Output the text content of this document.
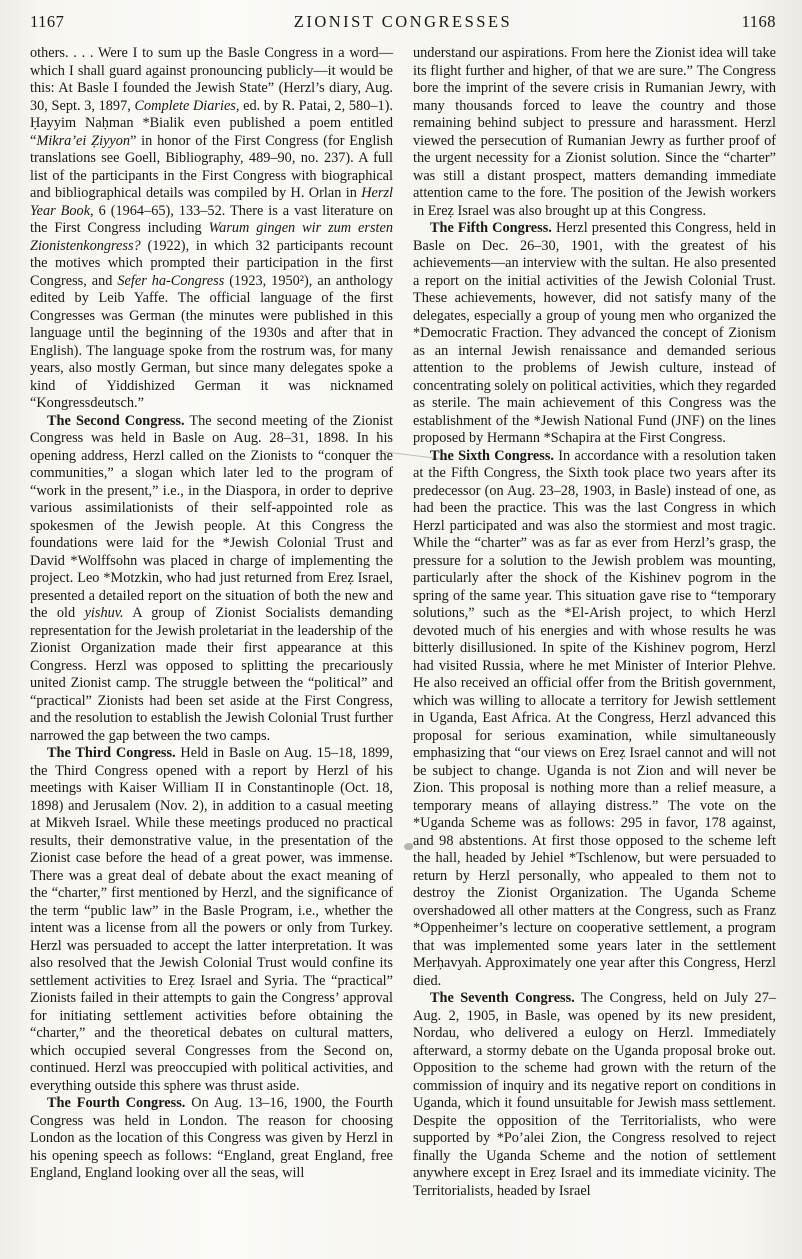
1167	ZIONIST CONGRESSES	1168

others. . . . Were I to sum up the Basle Congress in a word—which I shall guard against pronouncing publicly—it would be this: At Basle I founded the Jewish State” (Herzl’s diary, Aug. 30, Sept. 3, 1897, Complete Diaries, ed. by R. Patai, 2, 580–1). Ḥayyim Naḥman *Bialik even published a poem entitled “Mikra’ei Ẓiyyon” in honor of the First Congress (for English translations see Goell, Bibliography, 489–90, no. 237). A full list of the participants in the First Congress with biographical and bibliographical details was compiled by H. Orlan in Herzl Year Book, 6 (1964–65), 133–52. There is a vast literature on the First Congress including Warum gingen wir zum ersten Zionistenkongress? (1922), in which 32 participants recount the motives which prompted their participation in the first Congress, and Sefer ha-Congress (1923, 1950²), an anthology edited by Leib Yaffe. The official language of the first Congresses was German (the minutes were published in this language until the beginning of the 1930s and after that in English). The language spoke from the rostrum was, for many years, also mostly German, but since many delegates spoke a kind of Yiddishized German it was nicknamed “Kongressdeutsch.”

The Second Congress. The second meeting of the Zionist Congress was held in Basle on Aug. 28–31, 1898. In his opening address, Herzl called on the Zionists to “conquer the communities,” a slogan which later led to the program of “work in the present,” i.e., in the Diaspora, in order to deprive various assimilationists of their self-appointed role as spokesmen of the Jewish people. At this Congress the foundations were laid for the *Jewish Colonial Trust and David *Wolffsohn was placed in charge of implementing the project. Leo *Motzkin, who had just returned from Ereẓ Israel, presented a detailed report on the situation of both the new and the old yishuv. A group of Zionist Socialists demanding representation for the Jewish proletariat in the leadership of the Zionist Organization made their first appearance at this Congress. Herzl was opposed to splitting the precariously united Zionist camp. The struggle between the “political” and “practical” Zionists had been set aside at the First Congress, and the resolution to establish the Jewish Colonial Trust further narrowed the gap between the two camps.

The Third Congress. Held in Basle on Aug. 15–18, 1899, the Third Congress opened with a report by Herzl of his meetings with Kaiser William II in Constantinople (Oct. 18, 1898) and Jerusalem (Nov. 2), in addition to a casual meeting at Mikveh Israel. While these meetings produced no practical results, their demonstrative value, in the presentation of the Zionist case before the head of a great power, was immense. There was a great deal of debate about the exact meaning of the “charter,” first mentioned by Herzl, and the significance of the term “public law” in the Basle Program, i.e., whether the intent was a license from all the powers or only from Turkey. Herzl was persuaded to accept the latter interpretation. It was also resolved that the Jewish Colonial Trust would confine its settlement activities to Ereẓ Israel and Syria. The “practical” Zionists failed in their attempts to gain the Congress’ approval for initiating settlement activities before obtaining the “charter,” and the theoretical debates on cultural matters, which occupied several Congresses from the Second on, continued. Herzl was preoccupied with political activities, and everything outside this sphere was thrust aside.

The Fourth Congress. On Aug. 13–16, 1900, the Fourth Congress was held in London. The reason for choosing London as the location of this Congress was given by Herzl in his opening speech as follows: “England, great England, free England, England looking over all the seas, will

understand our aspirations. From here the Zionist idea will take its flight further and higher, of that we are sure.” The Congress bore the imprint of the severe crisis in Rumanian Jewry, with many thousands forced to leave the country and those remaining behind subject to pressure and harassment. Herzl viewed the persecution of Rumanian Jewry as further proof of the urgent necessity for a Zionist solution. Since the “charter” was still a distant prospect, matters demanding immediate attention came to the fore. The position of the Jewish workers in Ereẓ Israel was also brought up at this Congress.

The Fifth Congress. Herzl presented this Congress, held in Basle on Dec. 26–30, 1901, with the greatest of his achievements—an interview with the sultan. He also presented a report on the initial activities of the Jewish Colonial Trust. These achievements, however, did not satisfy many of the delegates, especially a group of young men who organized the *Democratic Fraction. They advanced the concept of Zionism as an internal Jewish renaissance and demanded serious attention to the problems of Jewish culture, instead of concentrating solely on political activities, which they regarded as sterile. The main achievement of this Congress was the establishment of the *Jewish National Fund (JNF) on the lines proposed by Hermann *Schapira at the First Congress.

The Sixth Congress. In accordance with a resolution taken at the Fifth Congress, the Sixth took place two years after its predecessor (on Aug. 23–28, 1903, in Basle) instead of one, as had been the practice. This was the last Congress in which Herzl participated and was also the stormiest and most tragic. While the “charter” was as far as ever from Herzl’s grasp, the pressure for a solution to the Jewish problem was mounting, particularly after the shock of the Kishinev pogrom in the spring of the same year. This situation gave rise to “temporary solutions,” such as the *El-Arish project, to which Herzl devoted much of his energies and with whose results he was bitterly disillusioned. In spite of the Kishinev pogrom, Herzl had visited Russia, where he met Minister of Interior Plehve. He also received an official offer from the British government, which was willing to allocate a territory for Jewish settlement in Uganda, East Africa. At the Congress, Herzl advanced this proposal for serious examination, while simultaneously emphasizing that “our views on Ereẓ Israel cannot and will not be subject to change. Uganda is not Zion and will never be Zion. This proposal is nothing more than a relief measure, a temporary means of allaying distress.” The vote on the *Uganda Scheme was as follows: 295 in favor, 178 against, and 98 abstentions. At first those opposed to the scheme left the hall, headed by Jehiel *Tschlenow, but were persuaded to return by Herzl personally, who appealed to them not to destroy the Zionist Organization. The Uganda Scheme overshadowed all other matters at the Congress, such as Franz *Oppenheimer’s lecture on cooperative settlement, a program that was implemented some years later in the settlement Merḥavyah. Approximately one year after this Congress, Herzl died.

The Seventh Congress. The Congress, held on July 27–Aug. 2, 1905, in Basle, was opened by its new president, Nordau, who delivered a eulogy on Herzl. Immediately afterward, a stormy debate on the Uganda proposal broke out. Opposition to the scheme had grown with the return of the commission of inquiry and its negative report on conditions in Uganda, which it found unsuitable for Jewish mass settlement. Despite the opposition of the Territorialists, who were supported by *Po’alei Zion, the Congress resolved to reject finally the Uganda Scheme and the notion of settlement anywhere except in Ereẓ Israel and its immediate vicinity. The Territorialists, headed by Israel
